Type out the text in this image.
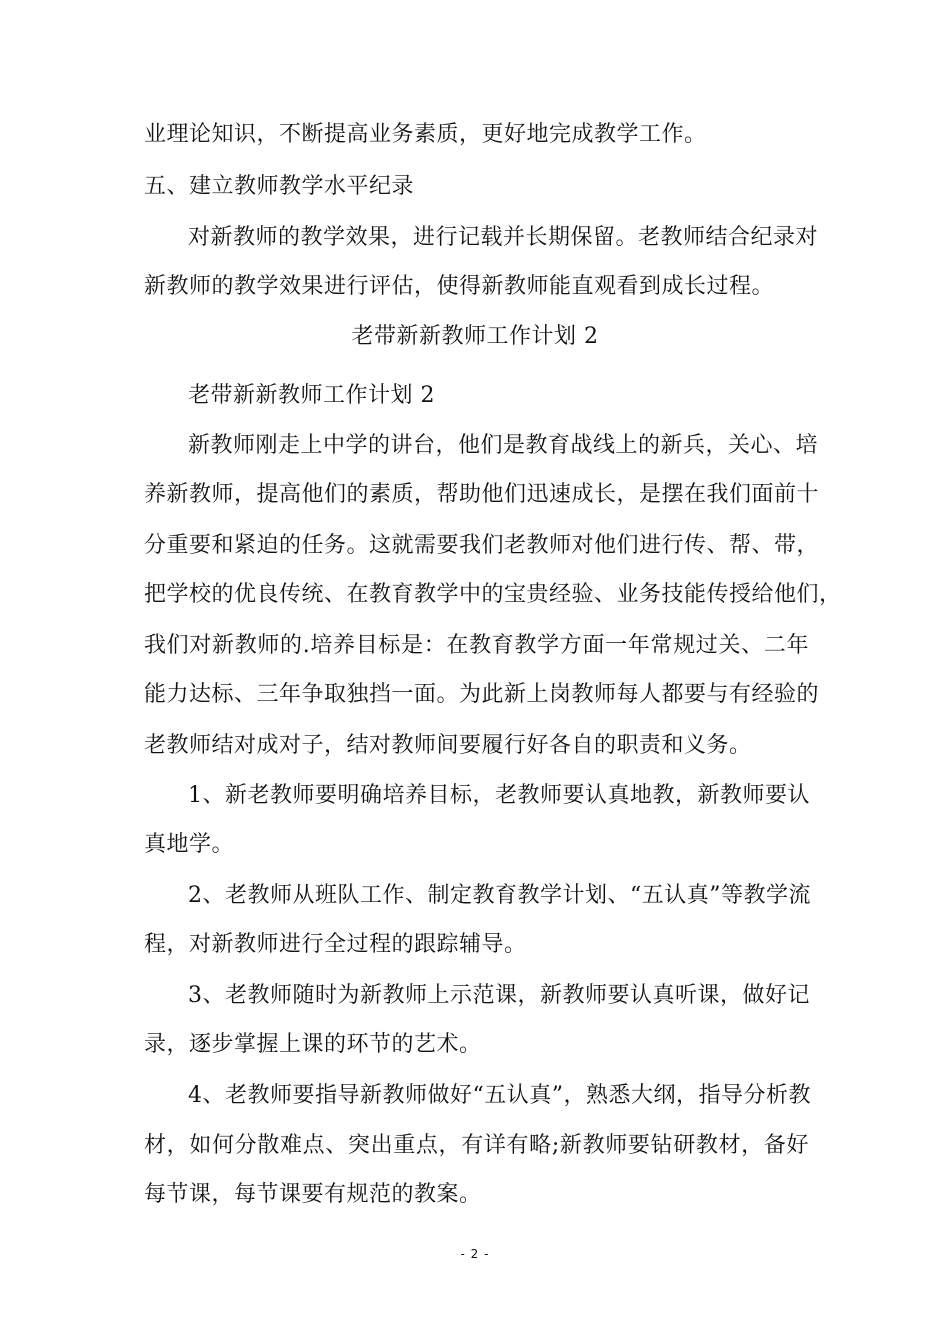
业理论知识，不断提高业务素质，更好地完成教学工作。
五、建立教师教学水平纪录
对新教师的教学效果，进行记载并长期保留。老教师结合纪录对
新教师的教学效果进行评估，使得新教师能直观看到成长过程。
老带新新教师工作计划 2
老带新新教师工作计划 2
新教师刚走上中学的讲台，他们是教育战线上的新兵，关心、培
养新教师，提高他们的素质，帮助他们迅速成长，是摆在我们面前十
分重要和紧迫的任务。这就需要我们老教师对他们进行传、帮、带，
把学校的优良传统、在教育教学中的宝贵经验、业务技能传授给他们，
我们对新教师的.培养目标是：在教育教学方面一年常规过关、二年
能力达标、三年争取独挡一面。为此新上岗教师每人都要与有经验的
老教师结对成对子，结对教师间要履行好各自的职责和义务。
1、新老教师要明确培养目标，老教师要认真地教，新教师要认
真地学。
2、老教师从班队工作、制定教育教学计划、“五认真”等教学流
程，对新教师进行全过程的跟踪辅导。
3、老教师随时为新教师上示范课，新教师要认真听课，做好记
录，逐步掌握上课的环节的艺术。
4、老教师要指导新教师做好“五认真”，熟悉大纲，指导分析教
材，如何分散难点、突出重点，有详有略;新教师要钻研教材，备好
每节课，每节课要有规范的教案。
- 2 -
